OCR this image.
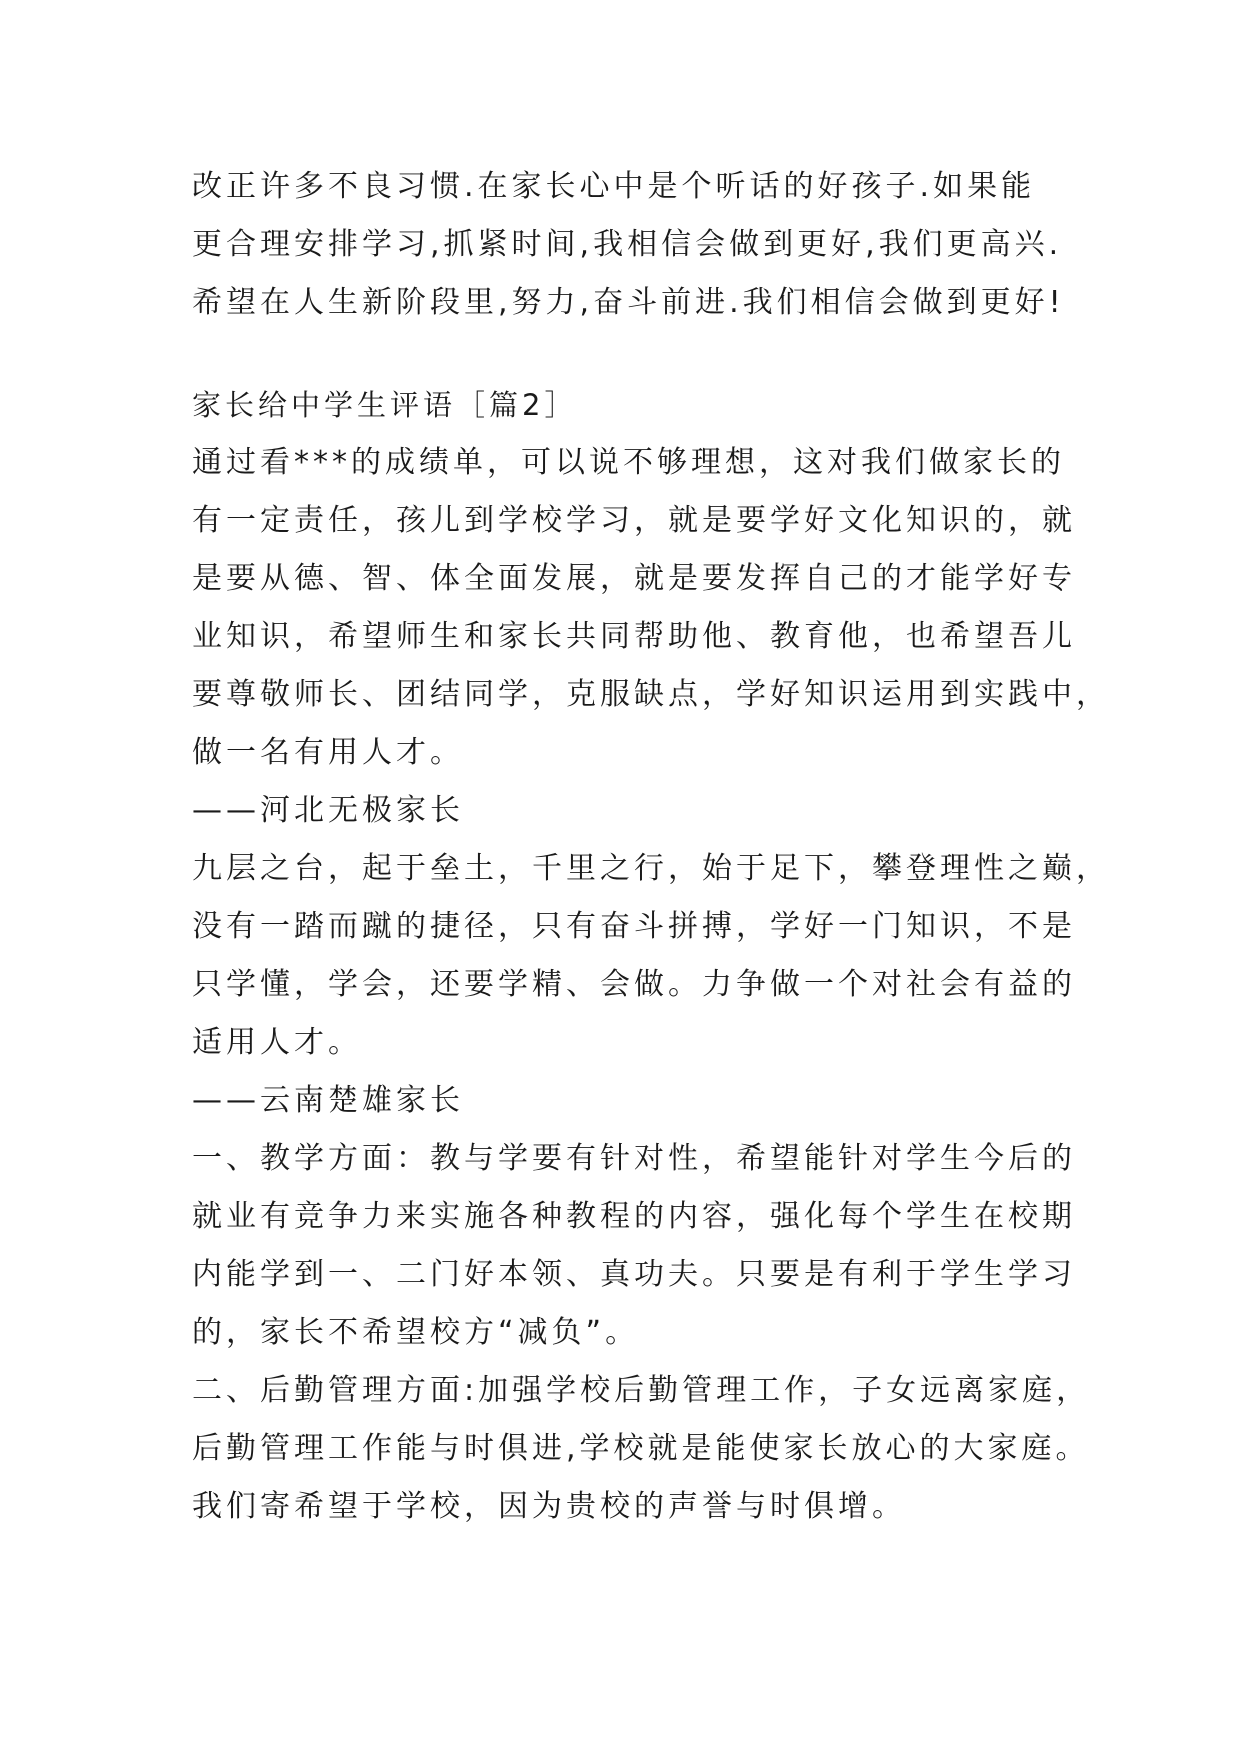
改正许多不良习惯.在家长心中是个听话的好孩子.如果能
更合理安排学习,抓紧时间,我相信会做到更好,我们更高兴.
希望在人生新阶段里,努力,奋斗前进.我们相信会做到更好!
家长给中学生评语［篇2］
通过看***的成绩单，可以说不够理想，这对我们做家长的
有一定责任，孩儿到学校学习，就是要学好文化知识的，就
是要从德、智、体全面发展，就是要发挥自己的才能学好专
业知识，希望师生和家长共同帮助他、教育他，也希望吾儿
要尊敬师长、团结同学，克服缺点，学好知识运用到实践中，
做一名有用人才。
——河北无极家长
九层之台，起于垒土，千里之行，始于足下，攀登理性之巅，
没有一踏而蹴的捷径，只有奋斗拼搏，学好一门知识，不是
只学懂，学会，还要学精、会做。力争做一个对社会有益的
适用人才。
——云南楚雄家长
一、教学方面：教与学要有针对性，希望能针对学生今后的
就业有竞争力来实施各种教程的内容，强化每个学生在校期
内能学到一、二门好本领、真功夫。只要是有利于学生学习
的，家长不希望校方“减负”。
二、后勤管理方面:加强学校后勤管理工作，子女远离家庭，
后勤管理工作能与时俱进,学校就是能使家长放心的大家庭。
我们寄希望于学校，因为贵校的声誉与时俱增。
